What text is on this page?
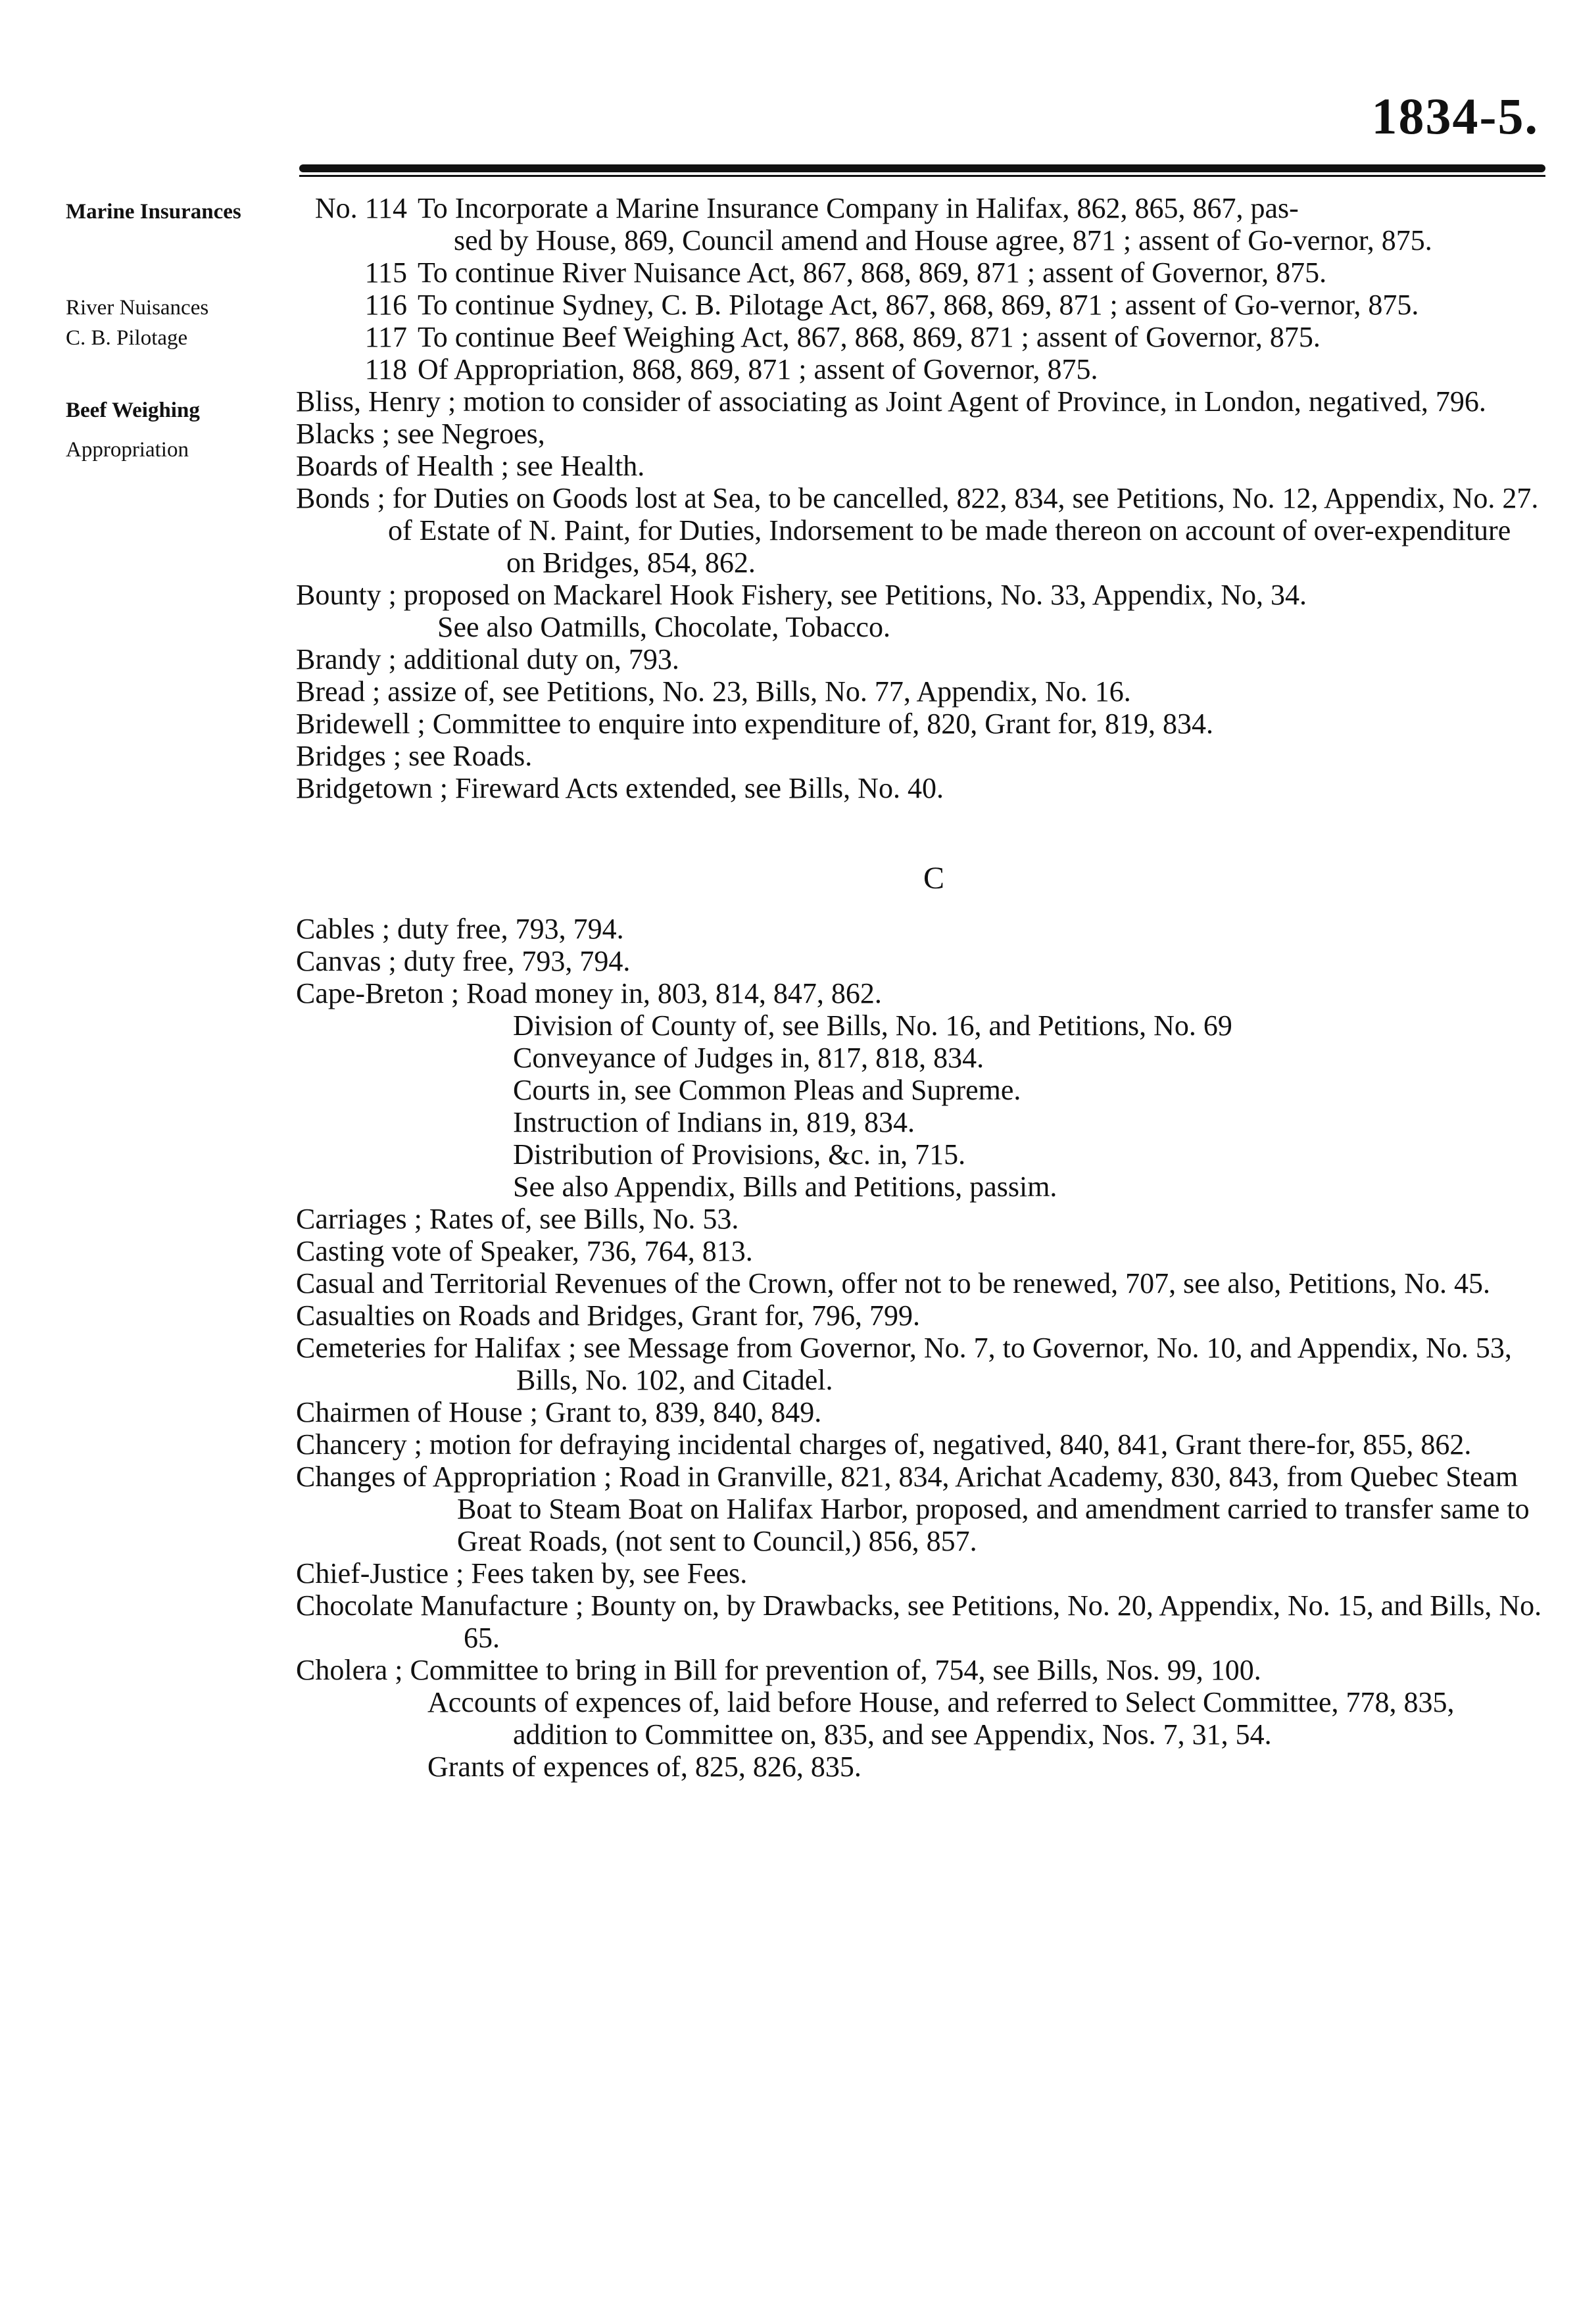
1834-5.
Marine Insurances
River Nuisances
C. B. Pilotage
Beef Weighing
Appropriation
No. 114 To Incorporate a Marine Insurance Company in Halifax, 862, 865, 867, pas-
sed by House, 869, Council amend and House agree, 871 ; assent of Go-vernor, 875.
115 To continue River Nuisance Act, 867, 868, 869, 871 ; assent of Governor, 875.
116 To continue Sydney, C. B. Pilotage Act, 867, 868, 869, 871 ; assent of Go-vernor, 875.
117 To continue Beef Weighing Act, 867, 868, 869, 871 ; assent of Governor, 875.
118 Of Appropriation, 868, 869, 871 ; assent of Governor, 875.
Bliss, Henry ; motion to consider of associating as Joint Agent of Province, in London, negatived, 796.
Blacks ; see Negroes,
Boards of Health ; see Health.
Bonds ; for Duties on Goods lost at Sea, to be cancelled, 822, 834, see Petitions, No. 12, Appendix, No. 27.
of Estate of N. Paint, for Duties, Indorsement to be made thereon on account of over-expenditure on Bridges, 854, 862.
Bounty ; proposed on Mackarel Hook Fishery, see Petitions, No. 33, Appendix, No, 34.
See also Oatmills, Chocolate, Tobacco.
Brandy ; additional duty on, 793.
Bread ; assize of, see Petitions, No. 23, Bills, No. 77, Appendix, No. 16.
Bridewell ; Committee to enquire into expenditure of, 820, Grant for, 819, 834.
Bridges ; see Roads.
Bridgetown ; Fireward Acts extended, see Bills, No. 40.
C
Cables ; duty free, 793, 794.
Canvas ; duty free, 793, 794.
Cape-Breton ; Road money in, 803, 814, 847, 862.
Division of County of, see Bills, No. 16, and Petitions, No. 69
Conveyance of Judges in, 817, 818, 834.
Courts in, see Common Pleas and Supreme.
Instruction of Indians in, 819, 834.
Distribution of Provisions, &c. in, 715.
See also Appendix, Bills and Petitions, passim.
Carriages ; Rates of, see Bills, No. 53.
Casting vote of Speaker, 736, 764, 813.
Casual and Territorial Revenues of the Crown, offer not to be renewed, 707, see also, Petitions, No. 45.
Casualties on Roads and Bridges, Grant for, 796, 799.
Cemeteries for Halifax ; see Message from Governor, No. 7, to Governor, No. 10, and Appendix, No. 53, Bills, No. 102, and Citadel.
Chairmen of House ; Grant to, 839, 840, 849.
Chancery ; motion for defraying incidental charges of, negatived, 840, 841, Grant there-for, 855, 862.
Changes of Appropriation ; Road in Granville, 821, 834, Arichat Academy, 830, 843, from Quebec Steam Boat to Steam Boat on Halifax Harbor, proposed, and amendment carried to transfer same to Great Roads, (not sent to Council,) 856, 857.
Chief-Justice ; Fees taken by, see Fees.
Chocolate Manufacture ; Bounty on, by Drawbacks, see Petitions, No. 20, Appendix, No. 15, and Bills, No. 65.
Cholera ; Committee to bring in Bill for prevention of, 754, see Bills, Nos. 99, 100.
Accounts of expences of, laid before House, and referred to Select Committee, 778, 835, addition to Committee on, 835, and see Appendix, Nos. 7, 31, 54.
Grants of expences of, 825, 826, 835.
